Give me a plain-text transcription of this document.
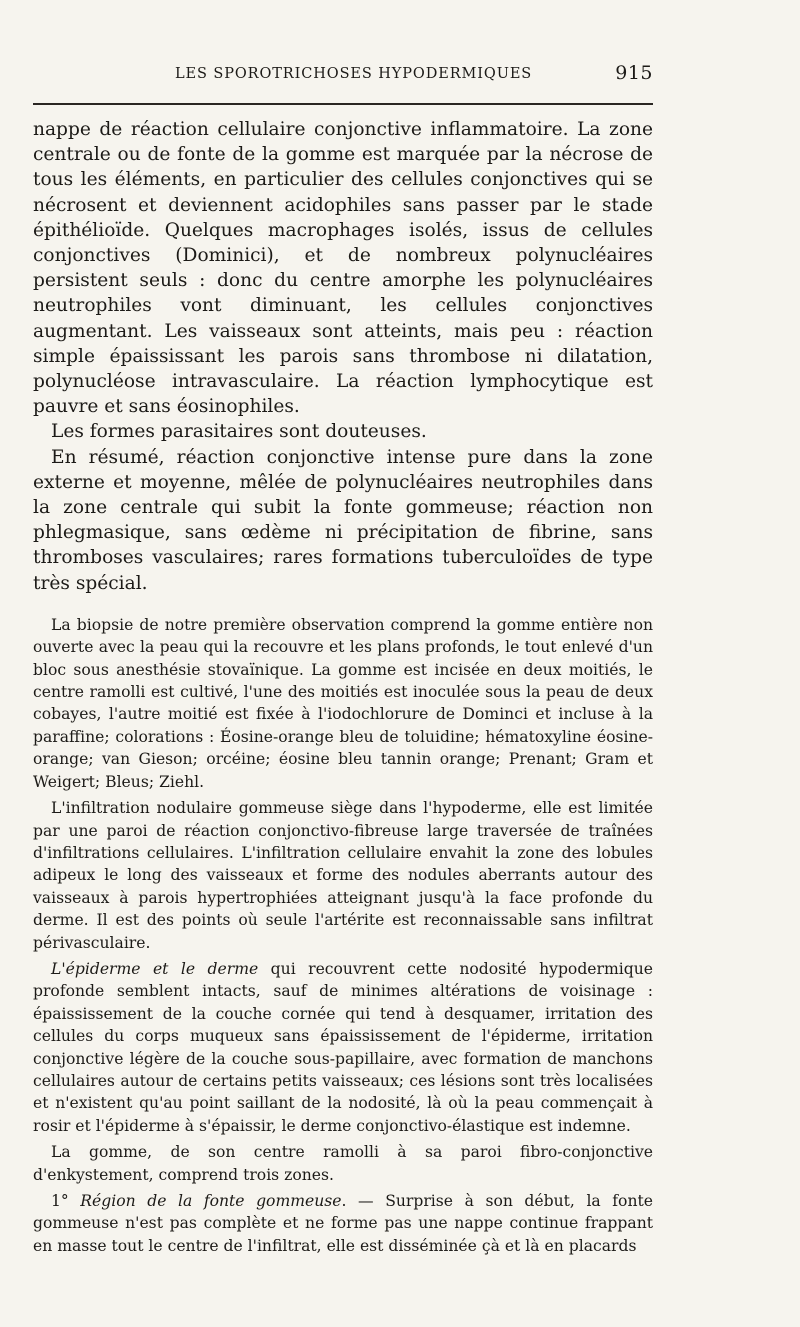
LES SPOROTRICHOSES HYPODERMIQUES	915

nappe de réaction cellulaire conjonctive inflammatoire. La zone centrale ou de fonte de la gomme est marquée par la nécrose de tous les éléments, en particulier des cellules conjonctives qui se nécrosent et deviennent acidophiles sans passer par le stade épithélioïde. Quelques macrophages isolés, issus de cellules conjonctives (Dominici), et de nombreux polynucléaires persistent seuls : donc du centre amorphe les polynucléaires neutrophiles vont diminuant, les cellules conjonctives augmentant. Les vaisseaux sont atteints, mais peu : réaction simple épaississant les parois sans thrombose ni dilatation, polynucléose intravasculaire. La réaction lymphocytique est pauvre et sans éosinophiles.

Les formes parasitaires sont douteuses.

En résumé, réaction conjonctive intense pure dans la zone externe et moyenne, mêlée de polynucléaires neutrophiles dans la zone centrale qui subit la fonte gommeuse; réaction non phlegmasique, sans œdème ni précipitation de fibrine, sans thromboses vasculaires; rares formations tuberculoïdes de type très spécial.

La biopsie de notre première observation comprend la gomme entière non ouverte avec la peau qui la recouvre et les plans profonds, le tout enlevé d'un bloc sous anesthésie stovaïnique. La gomme est incisée en deux moitiés, le centre ramolli est cultivé, l'une des moitiés est inoculée sous la peau de deux cobayes, l'autre moitié est fixée à l'iodochlorure de Dominci et incluse à la paraffine; colorations : Éosine-orange bleu de toluidine; hématoxyline éosine-orange; van Gieson; orcéine; éosine bleu tannin orange; Prenant; Gram et Weigert; Bleus; Ziehl.

L'infiltration nodulaire gommeuse siège dans l'hypoderme, elle est limitée par une paroi de réaction conjonctivo-fibreuse large traversée de traînées d'infiltrations cellulaires. L'infiltration cellulaire envahit la zone des lobules adipeux le long des vaisseaux et forme des nodules aberrants autour des vaisseaux à parois hypertrophiées atteignant jusqu'à la face profonde du derme. Il est des points où seule l'artérite est reconnaissable sans infiltrat périvasculaire.

L'épiderme et le derme qui recouvrent cette nodosité hypodermique profonde semblent intacts, sauf de minimes altérations de voisinage : épaississement de la couche cornée qui tend à desquamer, irritation des cellules du corps muqueux sans épaississement de l'épiderme, irritation conjonctive légère de la couche sous-papillaire, avec formation de manchons cellulaires autour de certains petits vaisseaux; ces lésions sont très localisées et n'existent qu'au point saillant de la nodosité, là où la peau commençait à rosir et l'épiderme à s'épaissir, le derme conjonctivo-élastique est indemne.

La gomme, de son centre ramolli à sa paroi fibro-conjonctive d'enkystement, comprend trois zones.

1° Région de la fonte gommeuse. — Surprise à son début, la fonte gommeuse n'est pas complète et ne forme pas une nappe continue frappant en masse tout le centre de l'infiltrat, elle est disséminée çà et là en placards
